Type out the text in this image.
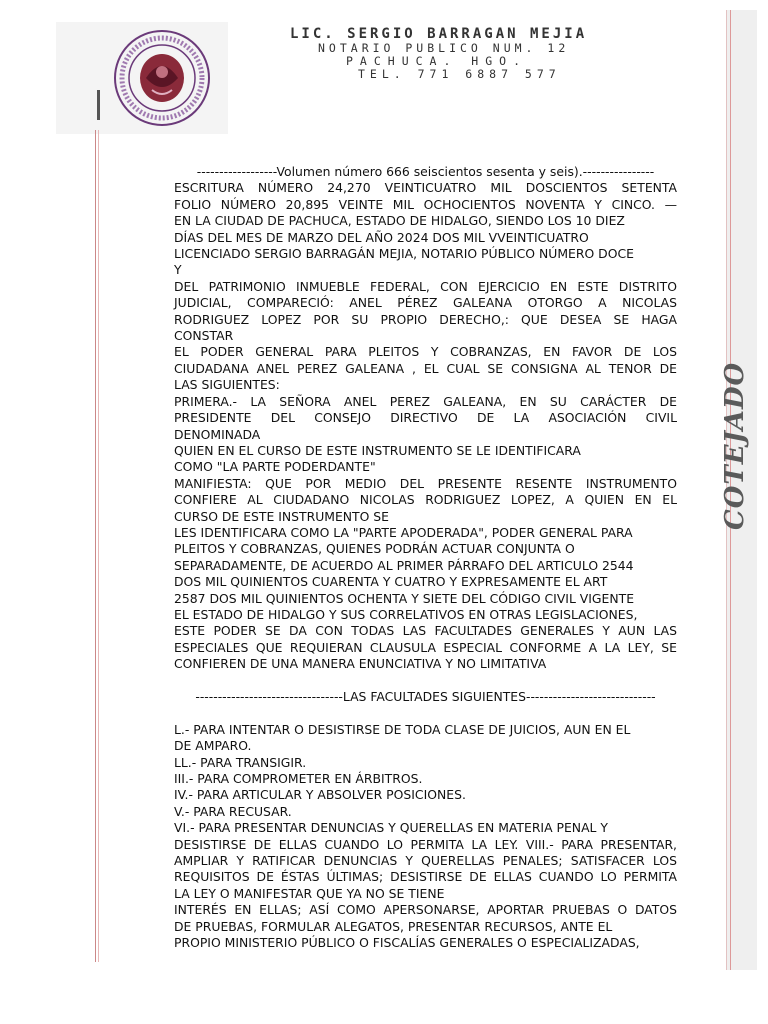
LIC. SERGIO BARRAGAN MEJIA
NOTARIO PUBLICO NUM. 12
PACHUCA. HGO.
TEL. 771 6887 577
COTEJADO

------------------Volumen número 666 seiscientos sesenta y seis).----------------

ESCRITURA NÚMERO 24,270 VEINTICUATRO MIL DOSCIENTOS SETENTA

FOLIO NÚMERO 20,895 VEINTE MIL OCHOCIENTOS NOVENTA Y CINCO. —

EN LA CIUDAD DE PACHUCA, ESTADO DE HIDALGO, SIENDO LOS 10 DIEZ

DÍAS DEL MES DE MARZO DEL AÑO 2024 DOS MIL VVEINTICUATRO

LICENCIADO SERGIO BARRAGÁN MEJIA, NOTARIO PÚBLICO NÚMERO DOCE

Y

DEL PATRIMONIO INMUEBLE FEDERAL, CON EJERCICIO EN ESTE DISTRITO

JUDICIAL, COMPARECIÓ: ANEL PÉREZ GALEANA OTORGO A NICOLAS

RODRIGUEZ LOPEZ POR SU PROPIO DERECHO,: QUE DESEA SE HAGA

CONSTAR

EL PODER GENERAL PARA PLEITOS Y COBRANZAS, EN FAVOR DE LOS

CIUDADANA ANEL PEREZ GALEANA , EL CUAL SE CONSIGNA AL TENOR DE

LAS SIGUIENTES:

PRIMERA.- LA SEÑORA ANEL PEREZ GALEANA, EN SU CARÁCTER DE

PRESIDENTE DEL CONSEJO DIRECTIVO DE LA ASOCIACIÓN CIVIL

DENOMINADA

QUIEN EN EL CURSO DE ESTE INSTRUMENTO SE LE IDENTIFICARA

COMO "LA PARTE PODERDANTE"

MANIFIESTA: QUE POR MEDIO DEL PRESENTE RESENTE INSTRUMENTO

CONFIERE AL CIUDADANO NICOLAS RODRIGUEZ LOPEZ, A QUIEN EN EL

CURSO DE ESTE INSTRUMENTO SE

LES IDENTIFICARA COMO LA "PARTE APODERADA", PODER GENERAL PARA

PLEITOS Y COBRANZAS, QUIENES PODRÁN ACTUAR CONJUNTA O

SEPARADAMENTE, DE ACUERDO AL PRIMER PÁRRAFO DEL ARTICULO 2544

DOS MIL QUINIENTOS CUARENTA Y CUATRO Y EXPRESAMENTE EL ART

2587 DOS MIL QUINIENTOS OCHENTA Y SIETE DEL CÓDIGO CIVIL VIGENTE

EL ESTADO DE HIDALGO Y SUS CORRELATIVOS EN OTRAS LEGISLACIONES,

ESTE PODER SE DA CON TODAS LAS FACULTADES GENERALES Y AUN LAS

ESPECIALES QUE REQUIERAN CLAUSULA ESPECIAL CONFORME A LA LEY, SE

CONFIEREN DE UNA MANERA ENUNCIATIVA Y NO LIMITATIVA

---------------------------------LAS FACULTADES SIGUIENTES-----------------------------

L.- PARA INTENTAR O DESISTIRSE DE TODA CLASE DE JUICIOS, AUN EN EL

DE AMPARO.

LL.- PARA TRANSIGIR.

III.- PARA COMPROMETER EN ÁRBITROS.

IV.- PARA ARTICULAR Y ABSOLVER POSICIONES.

V.- PARA RECUSAR.

VI.- PARA PRESENTAR DENUNCIAS Y QUERELLAS EN MATERIA PENAL Y

DESISTIRSE DE ELLAS CUANDO LO PERMITA LA LEY. VIII.- PARA PRESENTAR,

AMPLIAR Y RATIFICAR DENUNCIAS Y QUERELLAS PENALES; SATISFACER LOS

REQUISITOS DE ÉSTAS ÚLTIMAS; DESISTIRSE DE ELLAS CUANDO LO PERMITA

LA LEY O MANIFESTAR QUE YA NO SE TIENE

INTERÉS EN ELLAS; ASÍ COMO APERSONARSE, APORTAR PRUEBAS O DATOS

DE PRUEBAS, FORMULAR ALEGATOS, PRESENTAR RECURSOS, ANTE EL

PROPIO MINISTERIO PÚBLICO O FISCALÍAS GENERALES O ESPECIALIZADAS,
